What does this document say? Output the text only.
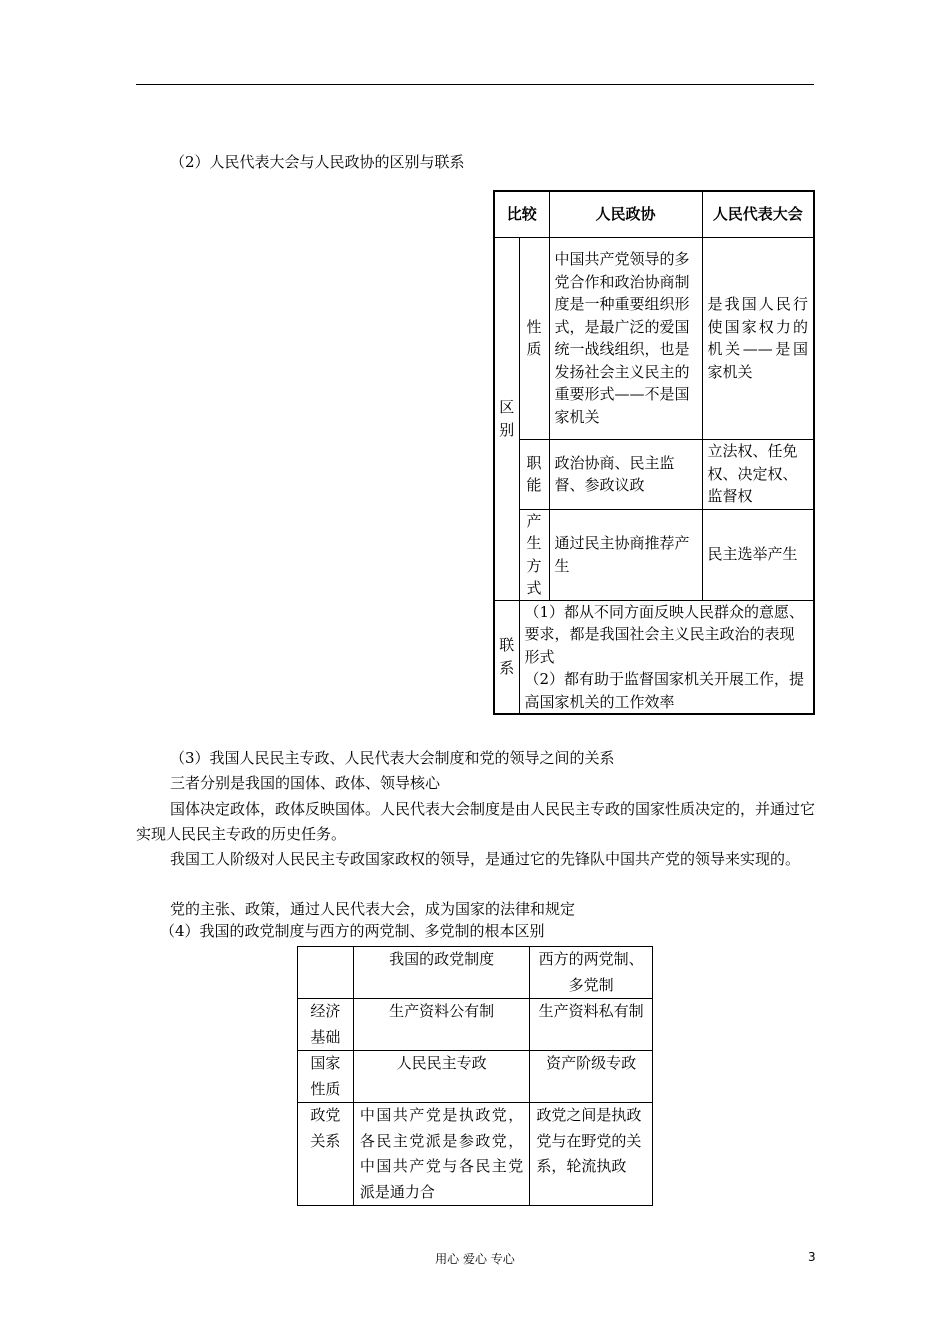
（2）人民代表大会与人民政协的区别与联系
比较		人民政协	人民代表大会
区别	性质	中国共产党领导的多党合作和政治协商制度是一种重要组织形式，是最广泛的爱国统一战线组织，也是发扬社会主义民主的重要形式——不是国家机关	是我国人民行使国家权力的机关——是国家机关
	职能	政治协商、民主监督、参政议政	立法权、任免权、决定权、监督权
	产生方式	通过民主协商推荐产生	民主选举产生
联系	（1）都从不同方面反映人民群众的意愿、要求，都是我国社会主义民主政治的表现形式
（2）都有助于监督国家机关开展工作，提高国家机关的工作效率		
（3）我国人民民主专政、人民代表大会制度和党的领导之间的关系
三者分别是我国的国体、政体、领导核心
国体决定政体，政体反映国体。人民代表大会制度是由人民民主专政的国家性质决定的，并通过它实现人民民主专政的历史任务。
我国工人阶级对人民民主专政国家政权的领导，是通过它的先锋队中国共产党的领导来实现的。
党的主张、政策，通过人民代表大会，成为国家的法律和规定
（4）我国的政党制度与西方的两党制、多党制的根本区别
	我国的政党制度	西方的两党制、多党制
经济基础	生产资料公有制	生产资料私有制
国家性质	人民民主专政	资产阶级专政
政党关系	中国共产党是执政党，各民主党派是参政党，中国共产党与各民主党派是通力合	政党之间是执政党与在野党的关系，轮流执政
用心 爱心 专心	3
